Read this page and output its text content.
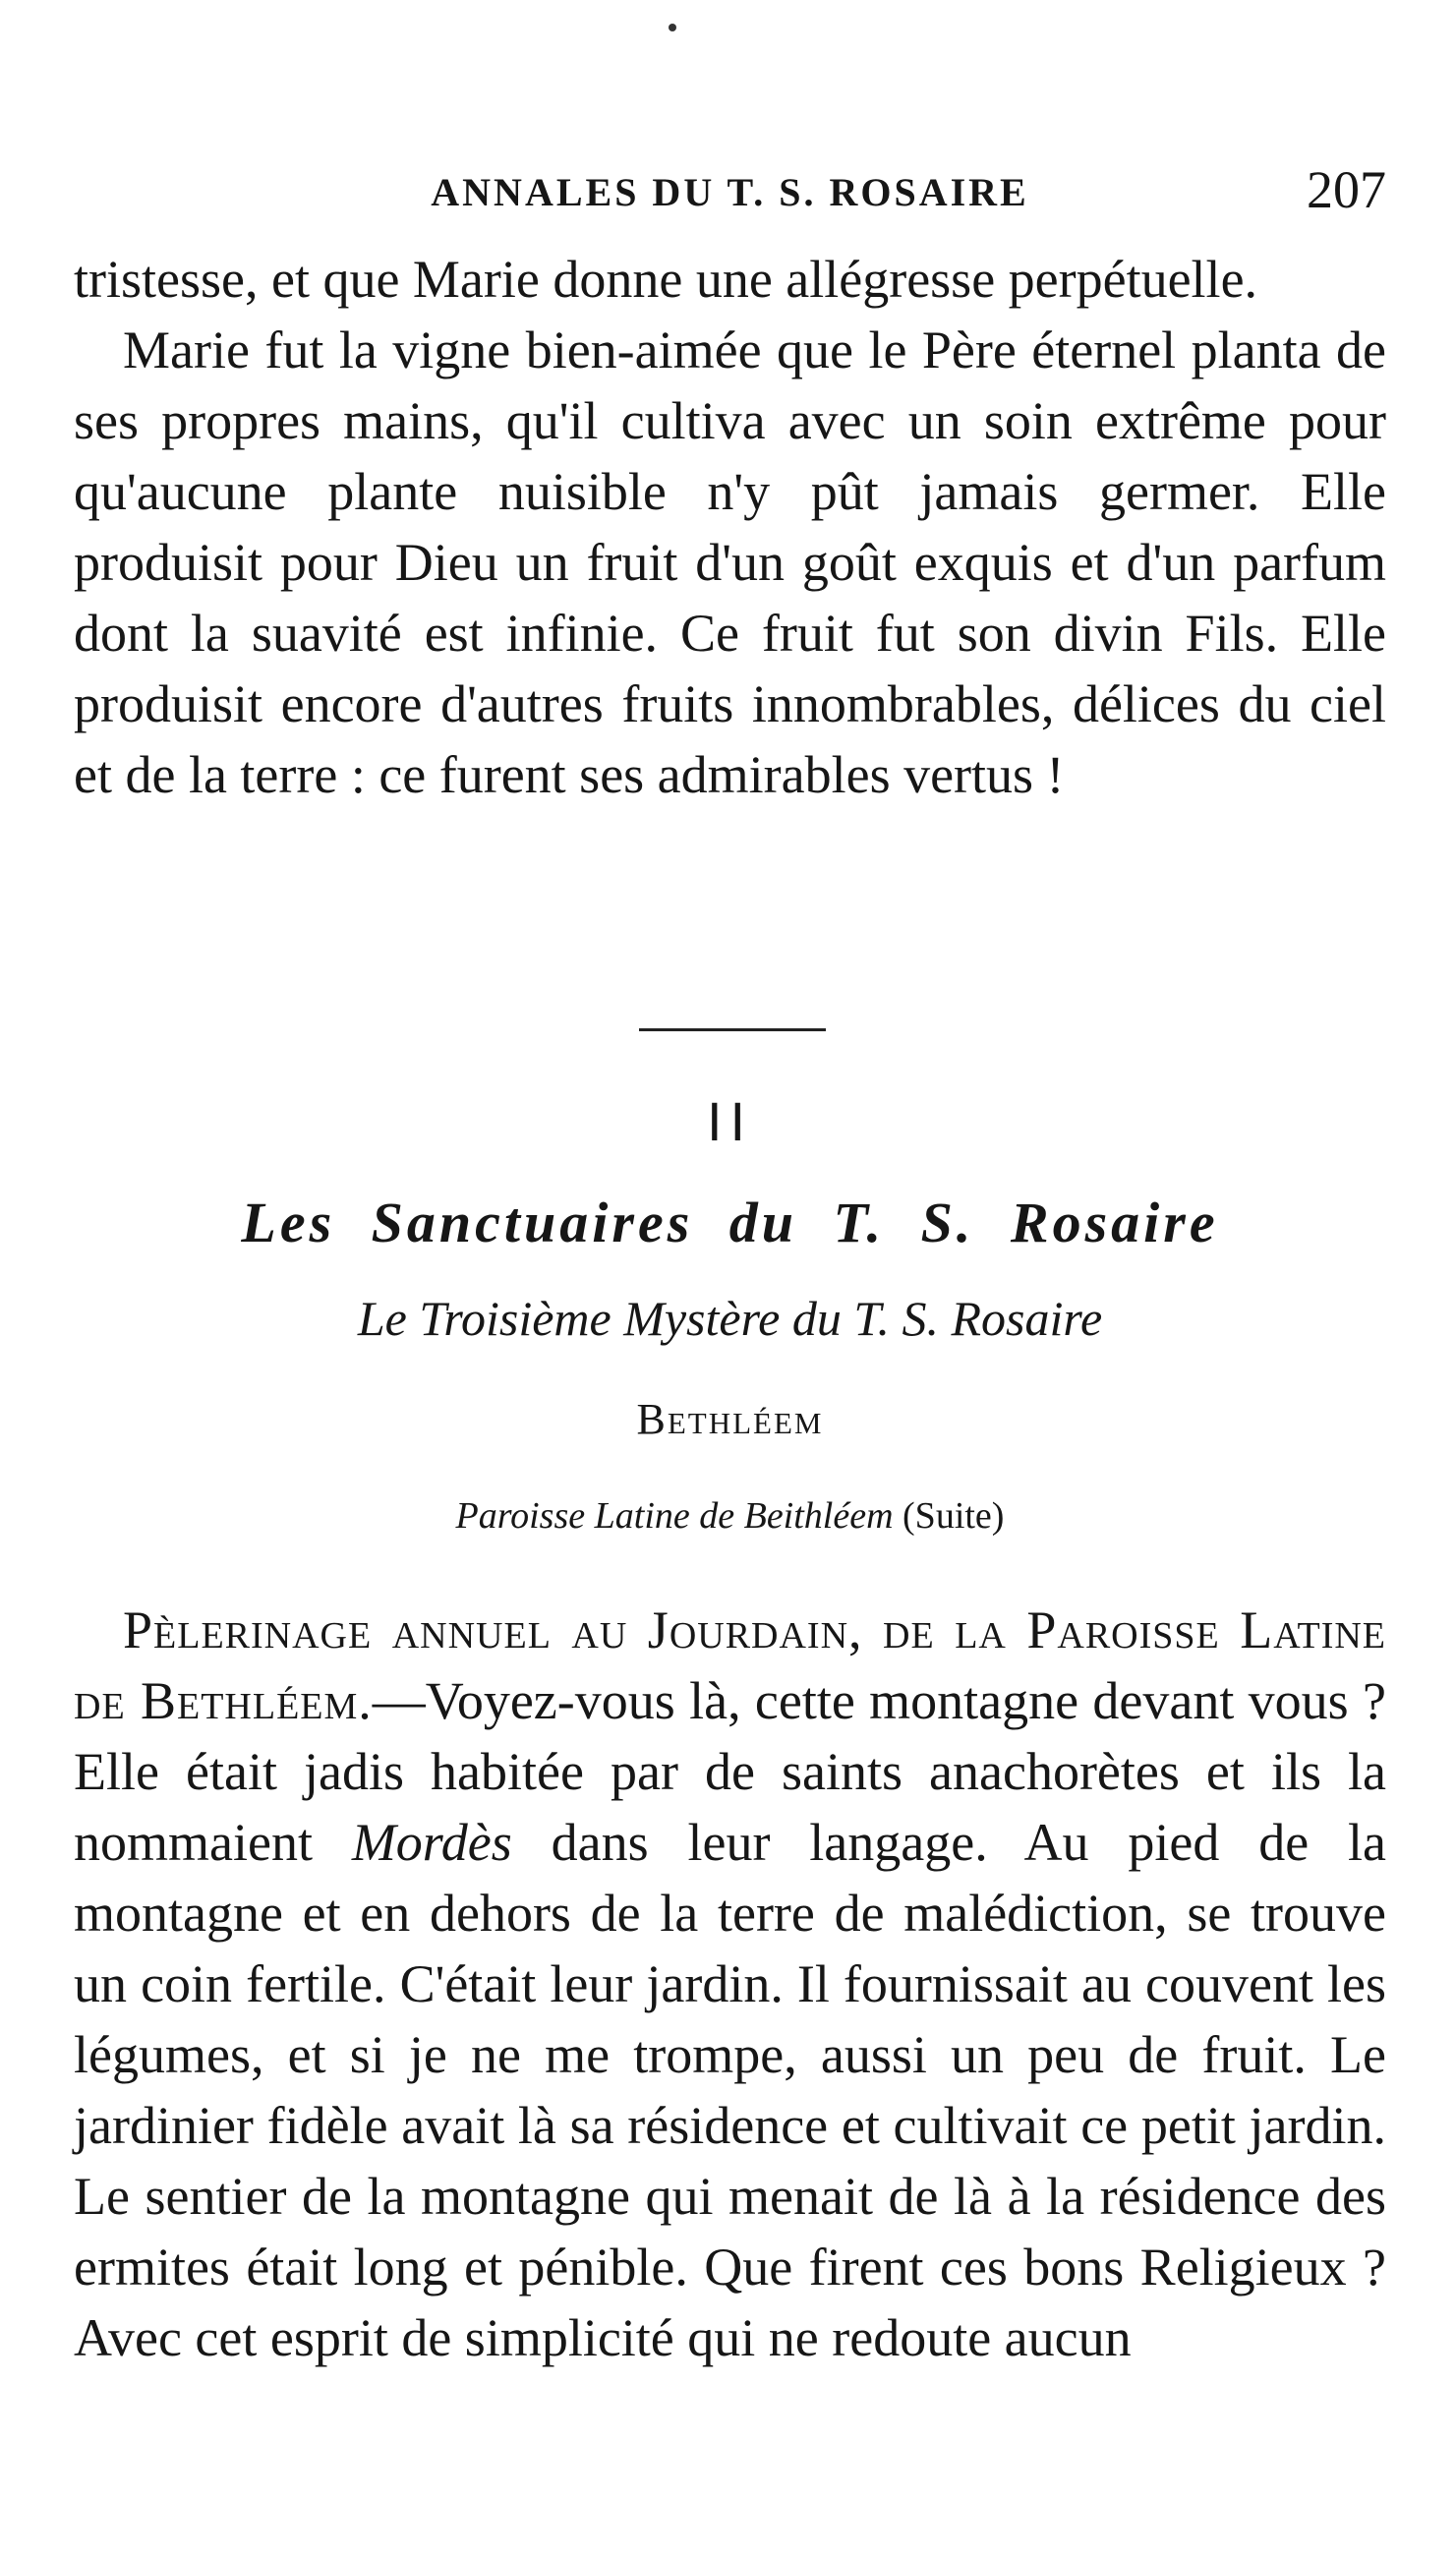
ANNALES DU T. S. ROSAIRE	207

tristesse, et que Marie donne une allégresse perpétuelle.

Marie fut la vigne bien-aimée que le Père éternel planta de ses propres mains, qu'il cultiva avec un soin extrême pour qu'aucune plante nuisible n'y pût jamais germer. Elle produisit pour Dieu un fruit d'un goût exquis et d'un parfum dont la suavité est infinie. Ce fruit fut son divin Fils. Elle produisit encore d'autres fruits innombrables, délices du ciel et de la terre : ce furent ses admirables vertus !

II
Les Sanctuaires du T. S. Rosaire
Le Troisième Mystère du T. S. Rosaire
Bethléem
Paroisse Latine de Beithléem (Suite)

Pèlerinage annuel au Jourdain, de la Paroisse Latine de Bethléem.—Voyez-vous là, cette montagne devant vous ? Elle était jadis habitée par de saints anachorètes et ils la nommaient Mordès dans leur langage. Au pied de la montagne et en dehors de la terre de malédiction, se trouve un coin fertile. C'était leur jardin. Il fournissait au couvent les légumes, et si je ne me trompe, aussi un peu de fruit. Le jardinier fidèle avait là sa résidence et cultivait ce petit jardin. Le sentier de la montagne qui menait de là à la résidence des ermites était long et pénible. Que firent ces bons Religieux ? Avec cet esprit de simplicité qui ne redoute aucun
